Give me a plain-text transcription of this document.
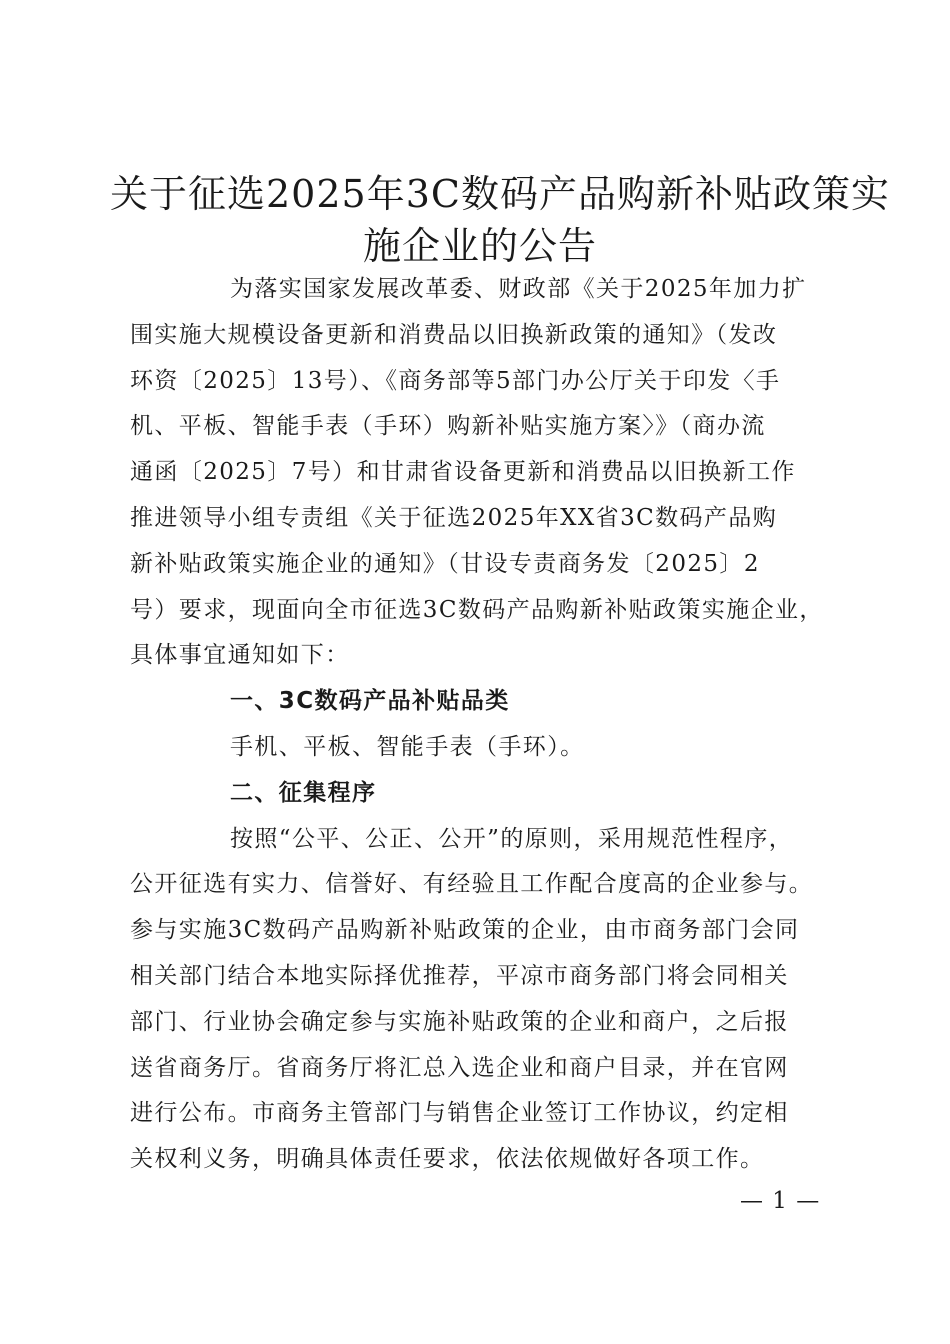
关于征选2025年3C数码产品购新补贴政策实
施企业的公告
为落实国家发展改革委、财政部《关于2025年加力扩
围实施大规模设备更新和消费品以旧换新政策的通知》（发改
环资〔2025〕13号）、《商务部等5部门办公厅关于印发〈手
机、平板、智能手表（手环）购新补贴实施方案〉》（商办流
通函〔2025〕7号）和甘肃省设备更新和消费品以旧换新工作
推进领导小组专责组《关于征选2025年XX省3C数码产品购
新补贴政策实施企业的通知》（甘设专责商务发〔2025〕2
号）要求，现面向全市征选3C数码产品购新补贴政策实施企业，
具体事宜通知如下：
一、3C数码产品补贴品类
手机、平板、智能手表（手环）。
二、征集程序
按照“公平、公正、公开”的原则，采用规范性程序，
公开征选有实力、信誉好、有经验且工作配合度高的企业参与。
参与实施3C数码产品购新补贴政策的企业，由市商务部门会同
相关部门结合本地实际择优推荐，平凉市商务部门将会同相关
部门、行业协会确定参与实施补贴政策的企业和商户，之后报
送省商务厅。省商务厅将汇总入选企业和商户目录，并在官网
进行公布。市商务主管部门与销售企业签订工作协议，约定相
关权利义务，明确具体责任要求，依法依规做好各项工作。
— 1 —
